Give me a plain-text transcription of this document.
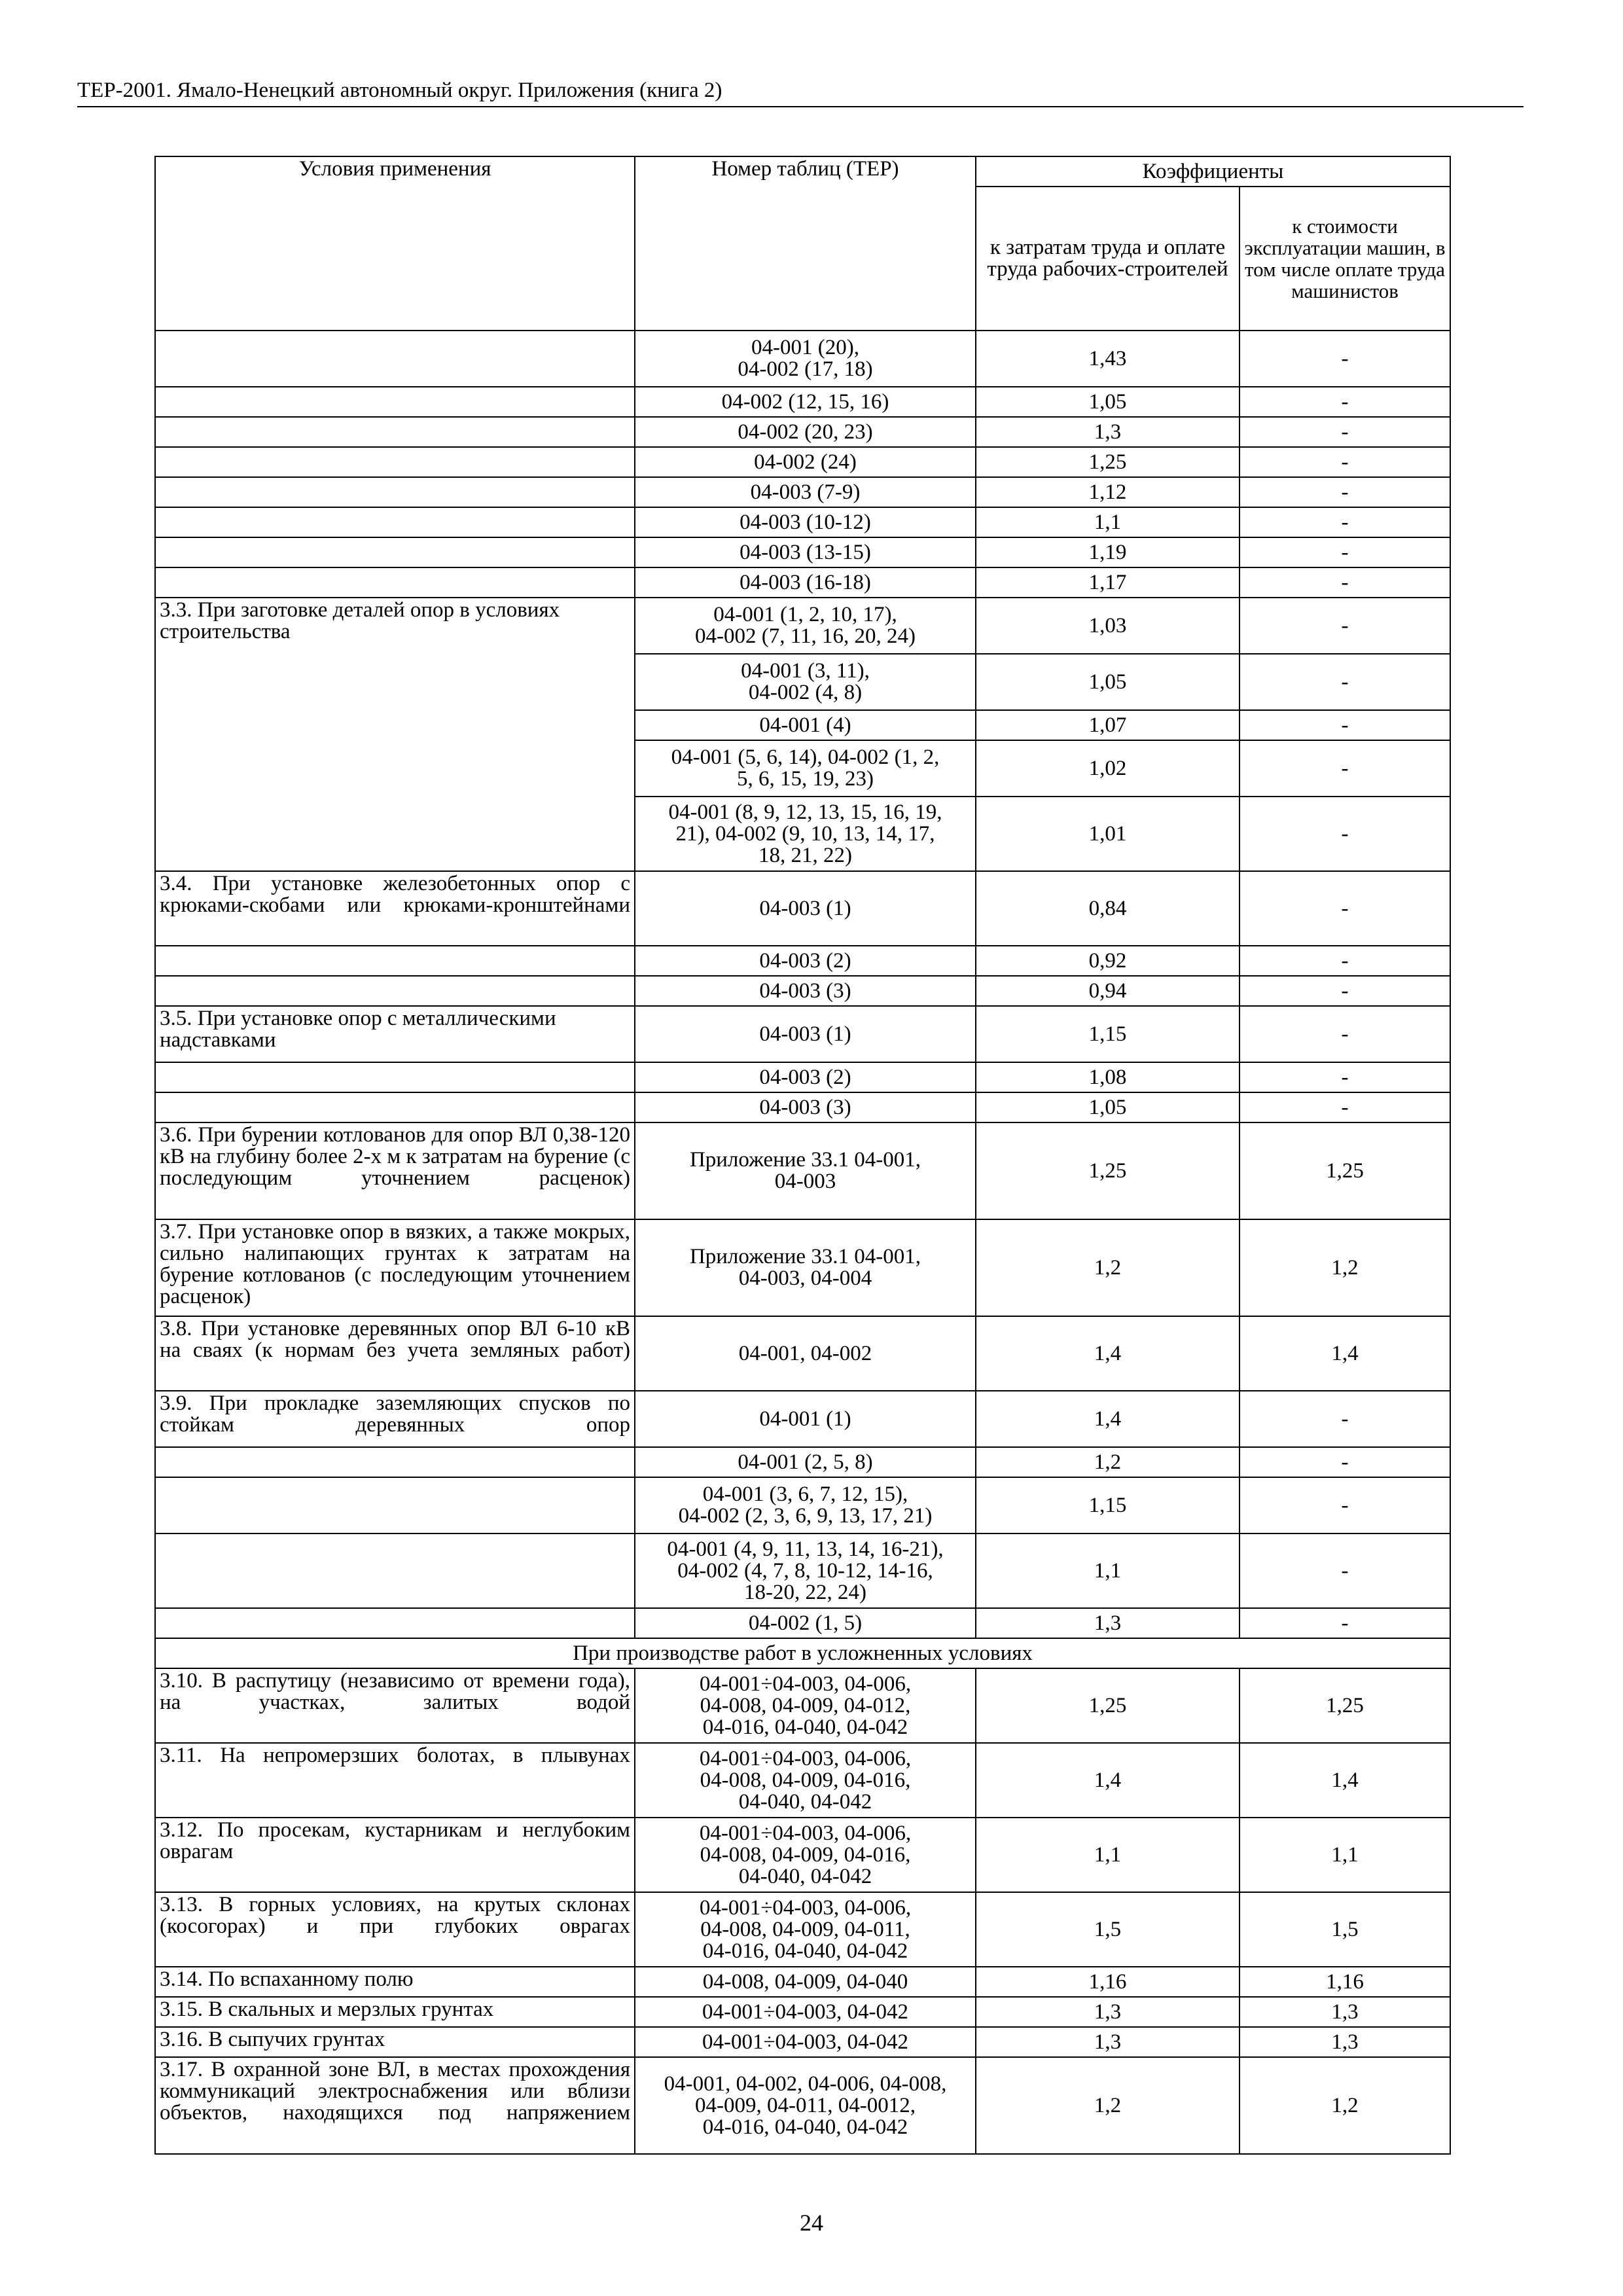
ТЕР-2001. Ямало-Ненецкий автономный округ. Приложения (книга 2)
Условия применения	Номер таблиц (ТЕР)	Коэффициенты	
		к затратам труда и оплате труда рабочих-строителей	к стоимости эксплуатации машин, в том числе оплате труда машинистов
	04-001 (20),
04-002 (17, 18)	1,43	-
	04-002 (12, 15, 16)	1,05	-
	04-002 (20, 23)	1,3	-
	04-002 (24)	1,25	-
	04-003 (7-9)	1,12	-
	04-003 (10-12)	1,1	-
	04-003 (13-15)	1,19	-
	04-003 (16-18)	1,17	-
3.3. При заготовке деталей опор в условиях строительства	04-001 (1, 2, 10, 17),
04-002 (7, 11, 16, 20, 24)	1,03	-
	04-001 (3, 11),
04-002 (4, 8)	1,05	-
	04-001 (4)	1,07	-
	04-001 (5, 6, 14), 04-002 (1, 2,
5, 6, 15, 19, 23)	1,02	-
	04-001 (8, 9, 12, 13, 15, 16, 19,
21), 04-002 (9, 10, 13, 14, 17,
18, 21, 22)	1,01	-
3.4. При установке железобетонных опор с крюками-скобами или крюками-кронштейнами	04-003 (1)	0,84	-
	04-003 (2)	0,92	-
	04-003 (3)	0,94	-
3.5. При установке опор с металлическими надставками	04-003 (1)	1,15	-
	04-003 (2)	1,08	-
	04-003 (3)	1,05	-
3.6. При бурении котлованов для опор ВЛ 0,38-120 кВ на глубину более 2-х м к затратам на бурение (с последующим уточнением расценок)	Приложение 33.1 04-001,
04-003	1,25	1,25
3.7. При установке опор в вязких, а также мокрых, сильно налипающих грунтах к затратам на бурение котлованов (с последующим уточнением расценок)	Приложение 33.1 04-001,
04-003, 04-004	1,2	1,2
3.8. При установке деревянных опор ВЛ 6-10 кВ на сваях (к нормам без учета земляных работ)	04-001, 04-002	1,4	1,4
3.9. При прокладке заземляющих спусков по стойкам деревянных опор	04-001 (1)	1,4	-
	04-001 (2, 5, 8)	1,2	-
	04-001 (3, 6, 7, 12, 15),
04-002 (2, 3, 6, 9, 13, 17, 21)	1,15	-
	04-001 (4, 9, 11, 13, 14, 16-21),
04-002 (4, 7, 8, 10-12, 14-16,
18-20, 22, 24)	1,1	-
	04-002 (1, 5)	1,3	-
При производстве работ в усложненных условиях			
3.10. В распутицу (независимо от времени года), на участках, залитых водой	04-001÷04-003, 04-006,
04-008, 04-009, 04-012,
04-016, 04-040, 04-042	1,25	1,25
3.11. На непромерзших болотах, в плывунах	04-001÷04-003, 04-006,
04-008, 04-009, 04-016,
04-040, 04-042	1,4	1,4
3.12. По просекам, кустарникам и неглубоким оврагам	04-001÷04-003, 04-006,
04-008, 04-009, 04-016,
04-040, 04-042	1,1	1,1
3.13. В горных условиях, на крутых склонах (косогорах) и при глубоких оврагах	04-001÷04-003, 04-006,
04-008, 04-009, 04-011,
04-016, 04-040, 04-042	1,5	1,5
3.14. По вспаханному полю	04-008, 04-009, 04-040	1,16	1,16
3.15. В скальных и мерзлых грунтах	04-001÷04-003, 04-042	1,3	1,3
3.16. В сыпучих грунтах	04-001÷04-003, 04-042	1,3	1,3
3.17. В охранной зоне ВЛ, в местах прохождения коммуникаций электроснабжения или вблизи объектов, находящихся под напряжением	04-001, 04-002, 04-006, 04-008,
04-009, 04-011, 04-0012,
04-016, 04-040, 04-042	1,2	1,2
24
